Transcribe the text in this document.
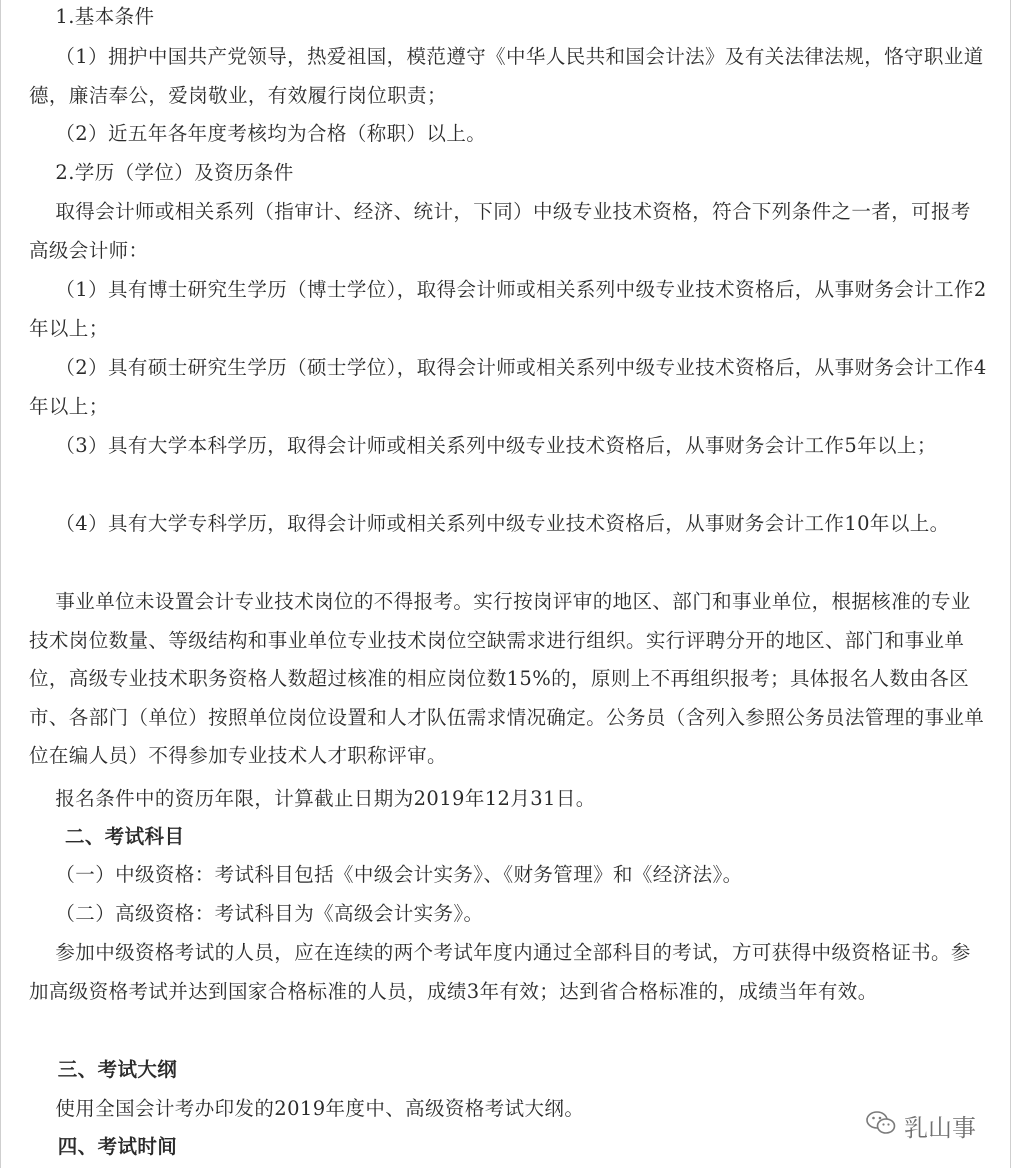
1.基本条件

（1）拥护中国共产党领导，热爱祖国，模范遵守《中华人民共和国会计法》及有关法律法规，恪守职业道德，廉洁奉公，爱岗敬业，有效履行岗位职责；

（2）近五年各年度考核均为合格（称职）以上。

2.学历（学位）及资历条件

取得会计师或相关系列（指审计、经济、统计，下同）中级专业技术资格，符合下列条件之一者，可报考高级会计师：

（1）具有博士研究生学历（博士学位），取得会计师或相关系列中级专业技术资格后，从事财务会计工作2年以上；

（2）具有硕士研究生学历（硕士学位），取得会计师或相关系列中级专业技术资格后，从事财务会计工作4年以上；

（3）具有大学本科学历，取得会计师或相关系列中级专业技术资格后，从事财务会计工作5年以上；

（4）具有大学专科学历，取得会计师或相关系列中级专业技术资格后，从事财务会计工作10年以上。

事业单位未设置会计专业技术岗位的不得报考。实行按岗评审的地区、部门和事业单位，根据核准的专业技术岗位数量、等级结构和事业单位专业技术岗位空缺需求进行组织。实行评聘分开的地区、部门和事业单位，高级专业技术职务资格人数超过核准的相应岗位数15%的，原则上不再组织报考；具体报名人数由各区市、各部门（单位）按照单位岗位设置和人才队伍需求情况确定。公务员（含列入参照公务员法管理的事业单位在编人员）不得参加专业技术人才职称评审。

报名条件中的资历年限，计算截止日期为2019年12月31日。

二、考试科目

（一）中级资格：考试科目包括《中级会计实务》、《财务管理》和《经济法》。

（二）高级资格：考试科目为《高级会计实务》。

参加中级资格考试的人员，应在连续的两个考试年度内通过全部科目的考试，方可获得中级资格证书。参加高级资格考试并达到国家合格标准的人员，成绩3年有效；达到省合格标准的，成绩当年有效。

三、考试大纲

使用全国会计考办印发的2019年度中、高级资格考试大纲。

四、考试时间

乳山事
